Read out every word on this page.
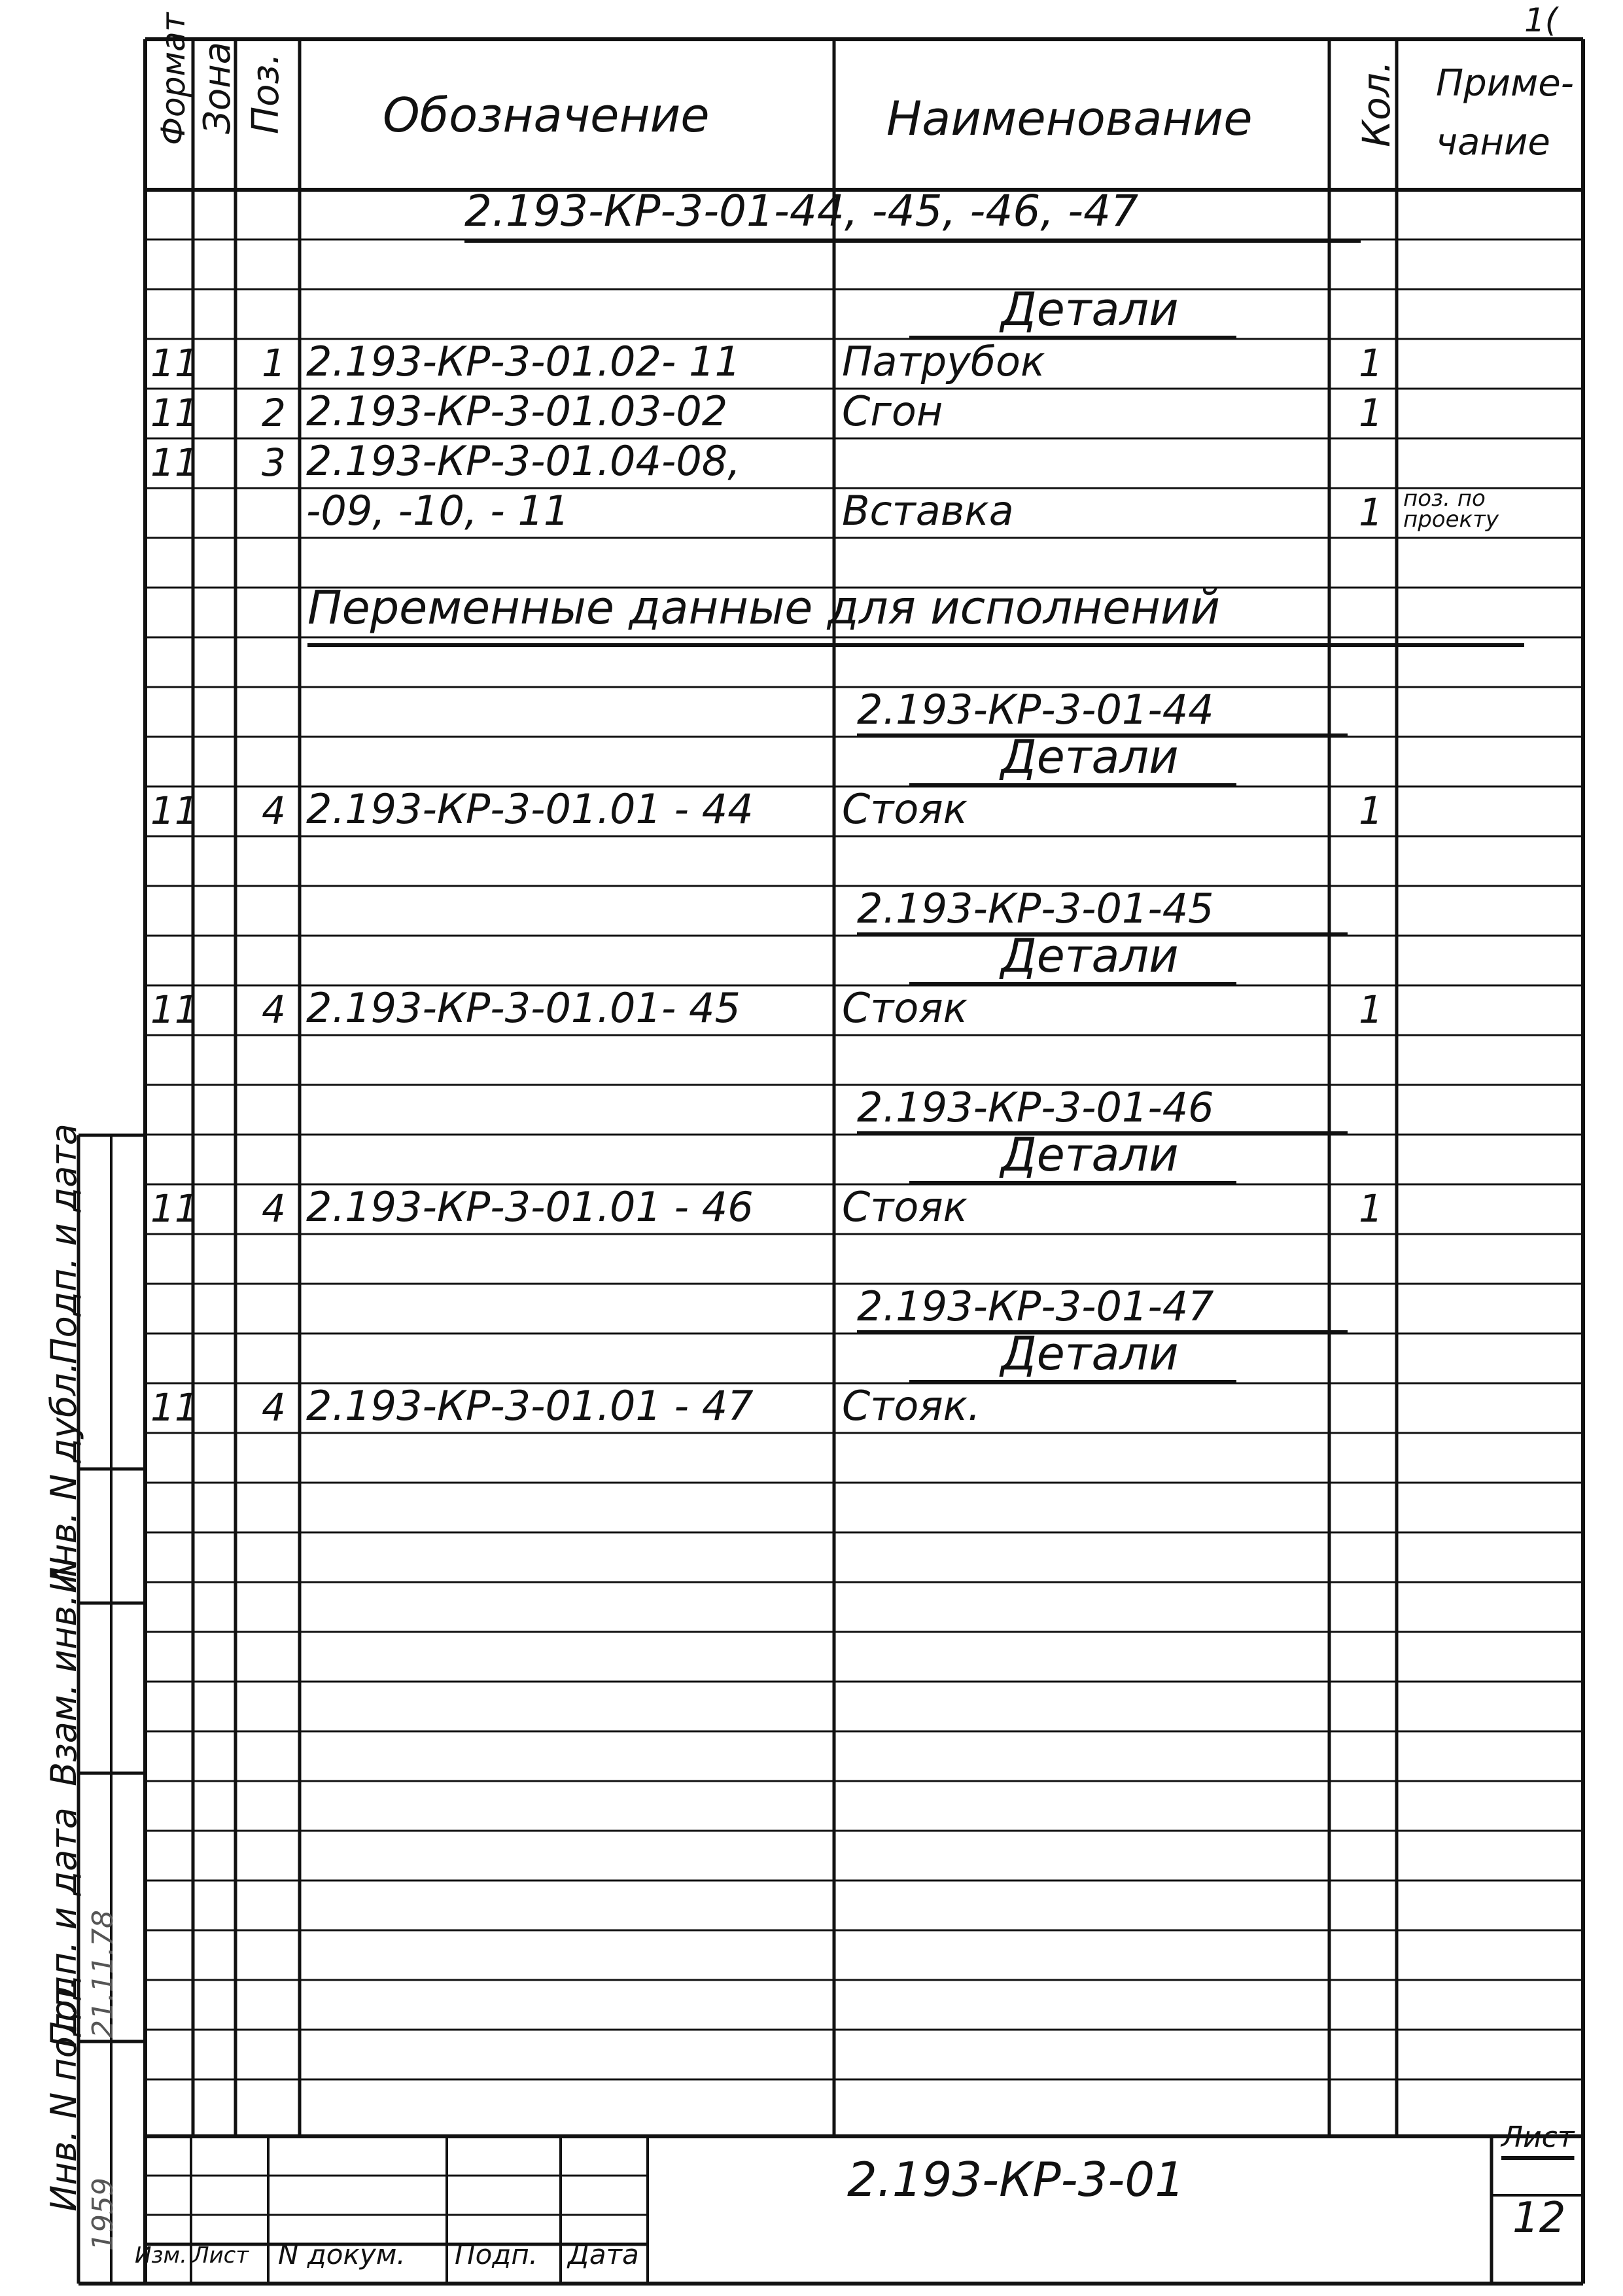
Формат Зона Поз. Обозначение	Наименование	Кол. Приме-
чание
1(
2.193-КР-3-01-44, -45, -46, -47
Детали
11 1 2.193-КР-3-01.02- 11	Патрубок	1
11 2 2.193-КР-3-01.03-02	Сгон	1
11 3 2.193-КР-3-01.04-08,
-09, -10, - 11	Вставка	1 поз. по проекту
Переменные данные для исполнений
2.193-КР-3-01-44
Детали
11 4 2.193-КР-3-01.01 - 44 Стояк	1
2.193-КР-3-01-45
Детали
11 4 2.193-КР-3-01.01- 45	Стояк	1
2.193-КР-3-01-46
Детали
11 4 2.193-КР-3-01.01 - 46 Стояк	1
2.193-КР-3-01-47
Детали
11 4 2.193-КР-3-01.01 - 47 Стояк.
Инв. N подл.
Подп. и дата
Взам. инв. N
Инв. N дубл.
Подп. и дата
1959
21.11.78
Изм. Лист N докум. Подп. Дата
2.193-КР-3-01
Лист
12
